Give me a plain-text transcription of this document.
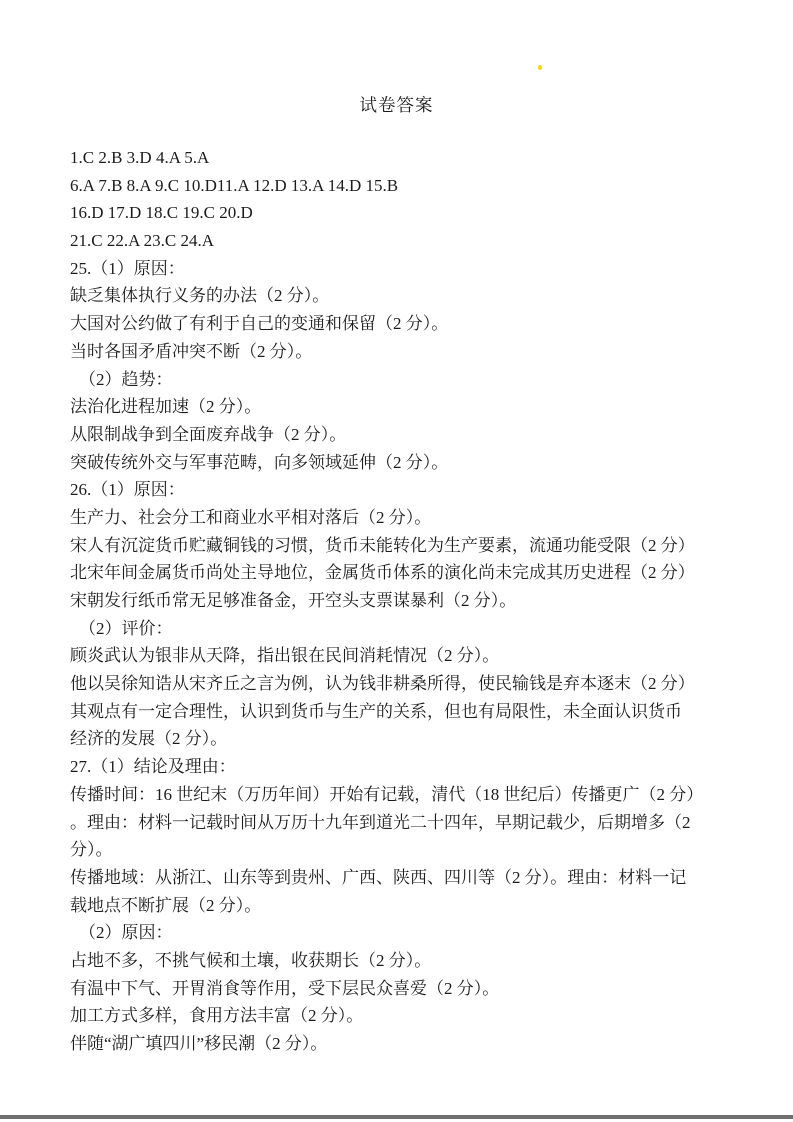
试卷答案
1.C 2.B 3.D 4.A 5.A
6.A 7.B 8.A 9.C 10.D11.A 12.D 13.A 14.D 15.B
16.D 17.D 18.C 19.C 20.D
21.C 22.A 23.C 24.A
25.（1）原因：
缺乏集体执行义务的办法（2 分）。
大国对公约做了有利于自己的变通和保留（2 分）。
当时各国矛盾冲突不断（2 分）。
（2）趋势：
法治化进程加速（2 分）。
从限制战争到全面废弃战争（2 分）。
突破传统外交与军事范畴，向多领域延伸（2 分）。
26.（1）原因：
生产力、社会分工和商业水平相对落后（2 分）。
宋人有沉淀货币贮藏铜钱的习惯，货币未能转化为生产要素，流通功能受限（2 分）
北宋年间金属货币尚处主导地位，金属货币体系的演化尚未完成其历史进程（2 分）
宋朝发行纸币常无足够准备金，开空头支票谋暴利（2 分）。
（2）评价：
顾炎武认为银非从天降，指出银在民间消耗情况（2 分）。
他以吴徐知诰从宋齐丘之言为例，认为钱非耕桑所得，使民输钱是弃本逐末（2 分）
其观点有一定合理性，认识到货币与生产的关系，但也有局限性，未全面认识货币
经济的发展（2 分）。
27.（1）结论及理由：
传播时间：16 世纪末（万历年间）开始有记载，清代（18 世纪后）传播更广（2 分）
。理由：材料一记载时间从万历十九年到道光二十四年，早期记载少，后期增多（2
分）。
传播地域：从浙江、山东等到贵州、广西、陕西、四川等（2 分）。理由：材料一记
载地点不断扩展（2 分）。
（2）原因：
占地不多，不挑气候和土壤，收获期长（2 分）。
有温中下气、开胃消食等作用，受下层民众喜爱（2 分）。
加工方式多样，食用方法丰富（2 分）。
伴随“湖广填四川”移民潮（2 分）。
